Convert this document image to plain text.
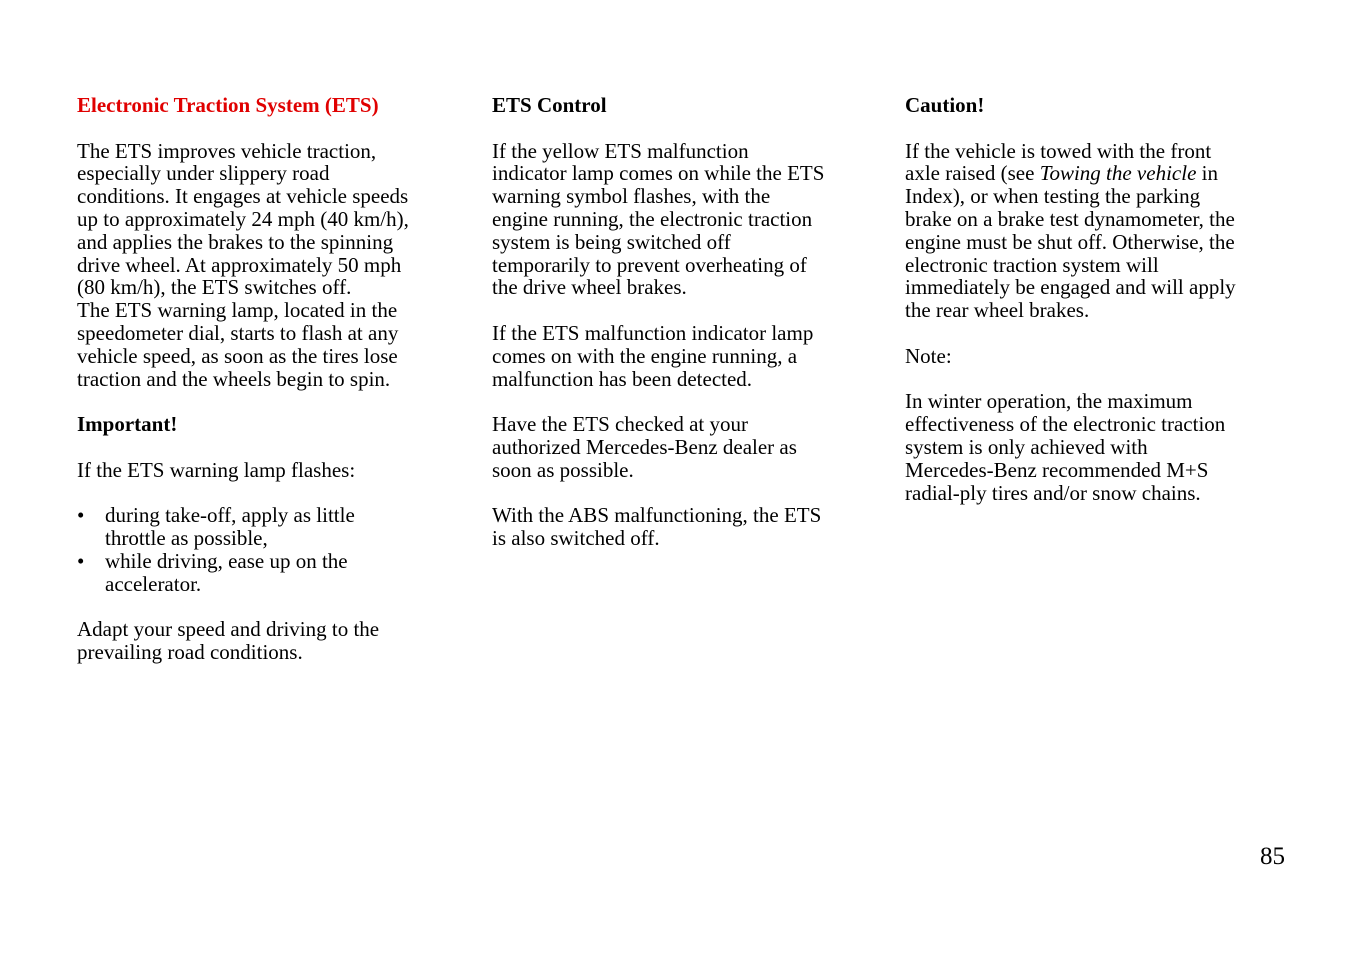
Electronic Traction System (ETS)
The ETS improves vehicle traction,
especially under slippery road
conditions. It engages at vehicle speeds
up to approximately 24 mph (40 km/h),
and applies the brakes to the spinning
drive wheel. At approximately 50 mph
(80 km/h), the ETS switches off.
The ETS warning lamp, located in the
speedometer dial, starts to flash at any
vehicle speed, as soon as the tires lose
traction and the wheels begin to spin.
Important!
If the ETS warning lamp flashes:
• during take-off, apply as little
throttle as possible,
• while driving, ease up on the
accelerator.
Adapt your speed and driving to the
prevailing road conditions.
ETS Control
If the yellow ETS malfunction
indicator lamp comes on while the ETS
warning symbol flashes, with the
engine running, the electronic traction
system is being switched off
temporarily to prevent overheating of
the drive wheel brakes.
If the ETS malfunction indicator lamp
comes on with the engine running, a
malfunction has been detected.
Have the ETS checked at your
authorized Mercedes-Benz dealer as
soon as possible.
With the ABS malfunctioning, the ETS
is also switched off.
Caution!
If the vehicle is towed with the front
axle raised (see Towing the vehicle in
Index), or when testing the parking
brake on a brake test dynamometer, the
engine must be shut off. Otherwise, the
electronic traction system will
immediately be engaged and will apply
the rear wheel brakes.
Note:
In winter operation, the maximum
effectiveness of the electronic traction
system is only achieved with
Mercedes-Benz recommended M+S
radial-ply tires and/or snow chains.
85
